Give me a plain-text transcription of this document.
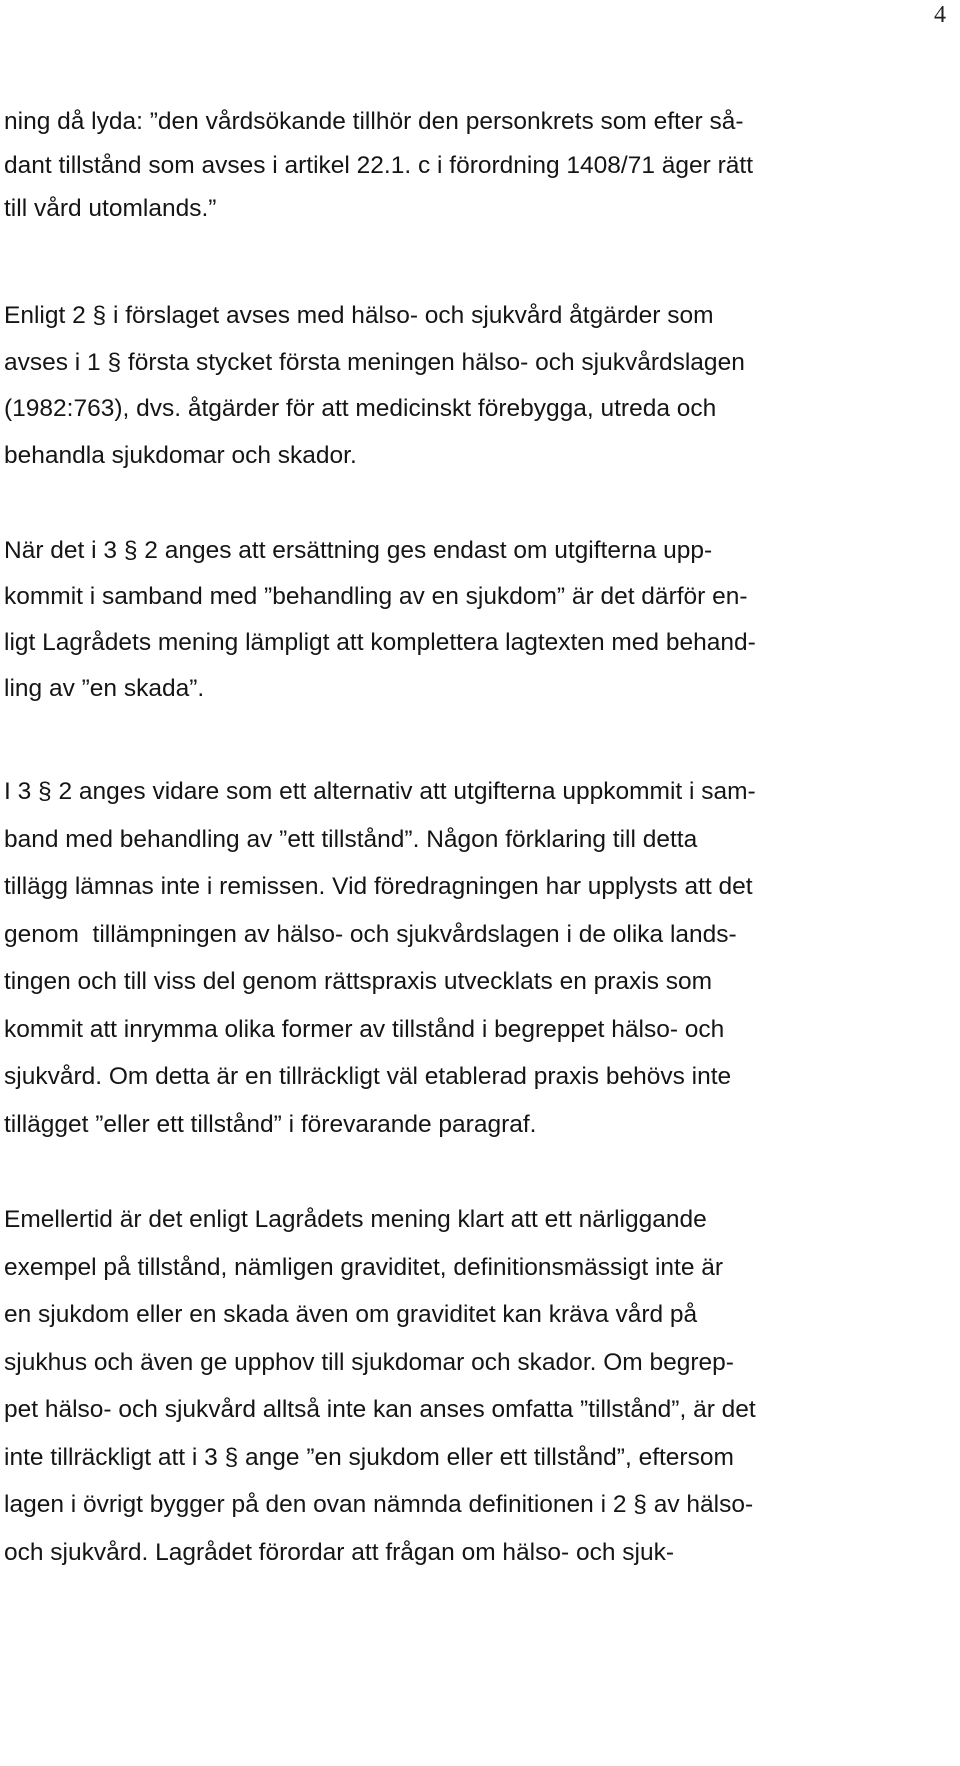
4

ning då lyda: ”den vårdsökande tillhör den personkrets som efter så-
dant tillstånd som avses i artikel 22.1. c i förordning 1408/71 äger rätt
till vård utomlands.”

Enligt 2 § i förslaget avses med hälso- och sjukvård åtgärder som
avses i 1 § första stycket första meningen hälso- och sjukvårdslagen
(1982:763), dvs. åtgärder för att medicinskt förebygga, utreda och
behandla sjukdomar och skador.

När det i 3 § 2 anges att ersättning ges endast om utgifterna upp-
kommit i samband med ”behandling av en sjukdom” är det därför en-
ligt Lagrådets mening lämpligt att komplettera lagtexten med behand-
ling av ”en skada”.

I 3 § 2 anges vidare som ett alternativ att utgifterna uppkommit i sam-
band med behandling av ”ett tillstånd”. Någon förklaring till detta
tillägg lämnas inte i remissen. Vid föredragningen har upplysts att det
genom  tillämpningen av hälso- och sjukvårdslagen i de olika lands-
tingen och till viss del genom rättspraxis utvecklats en praxis som
kommit att inrymma olika former av tillstånd i begreppet hälso- och
sjukvård. Om detta är en tillräckligt väl etablerad praxis behövs inte
tillägget ”eller ett tillstånd” i förevarande paragraf.

Emellertid är det enligt Lagrådets mening klart att ett närliggande
exempel på tillstånd, nämligen graviditet, definitionsmässigt inte är
en sjukdom eller en skada även om graviditet kan kräva vård på
sjukhus och även ge upphov till sjukdomar och skador. Om begrep-
pet hälso- och sjukvård alltså inte kan anses omfatta ”tillstånd”, är det
inte tillräckligt att i 3 § ange ”en sjukdom eller ett tillstånd”, eftersom
lagen i övrigt bygger på den ovan nämnda definitionen i 2 § av hälso-
och sjukvård. Lagrådet förordar att frågan om hälso- och sjuk-
